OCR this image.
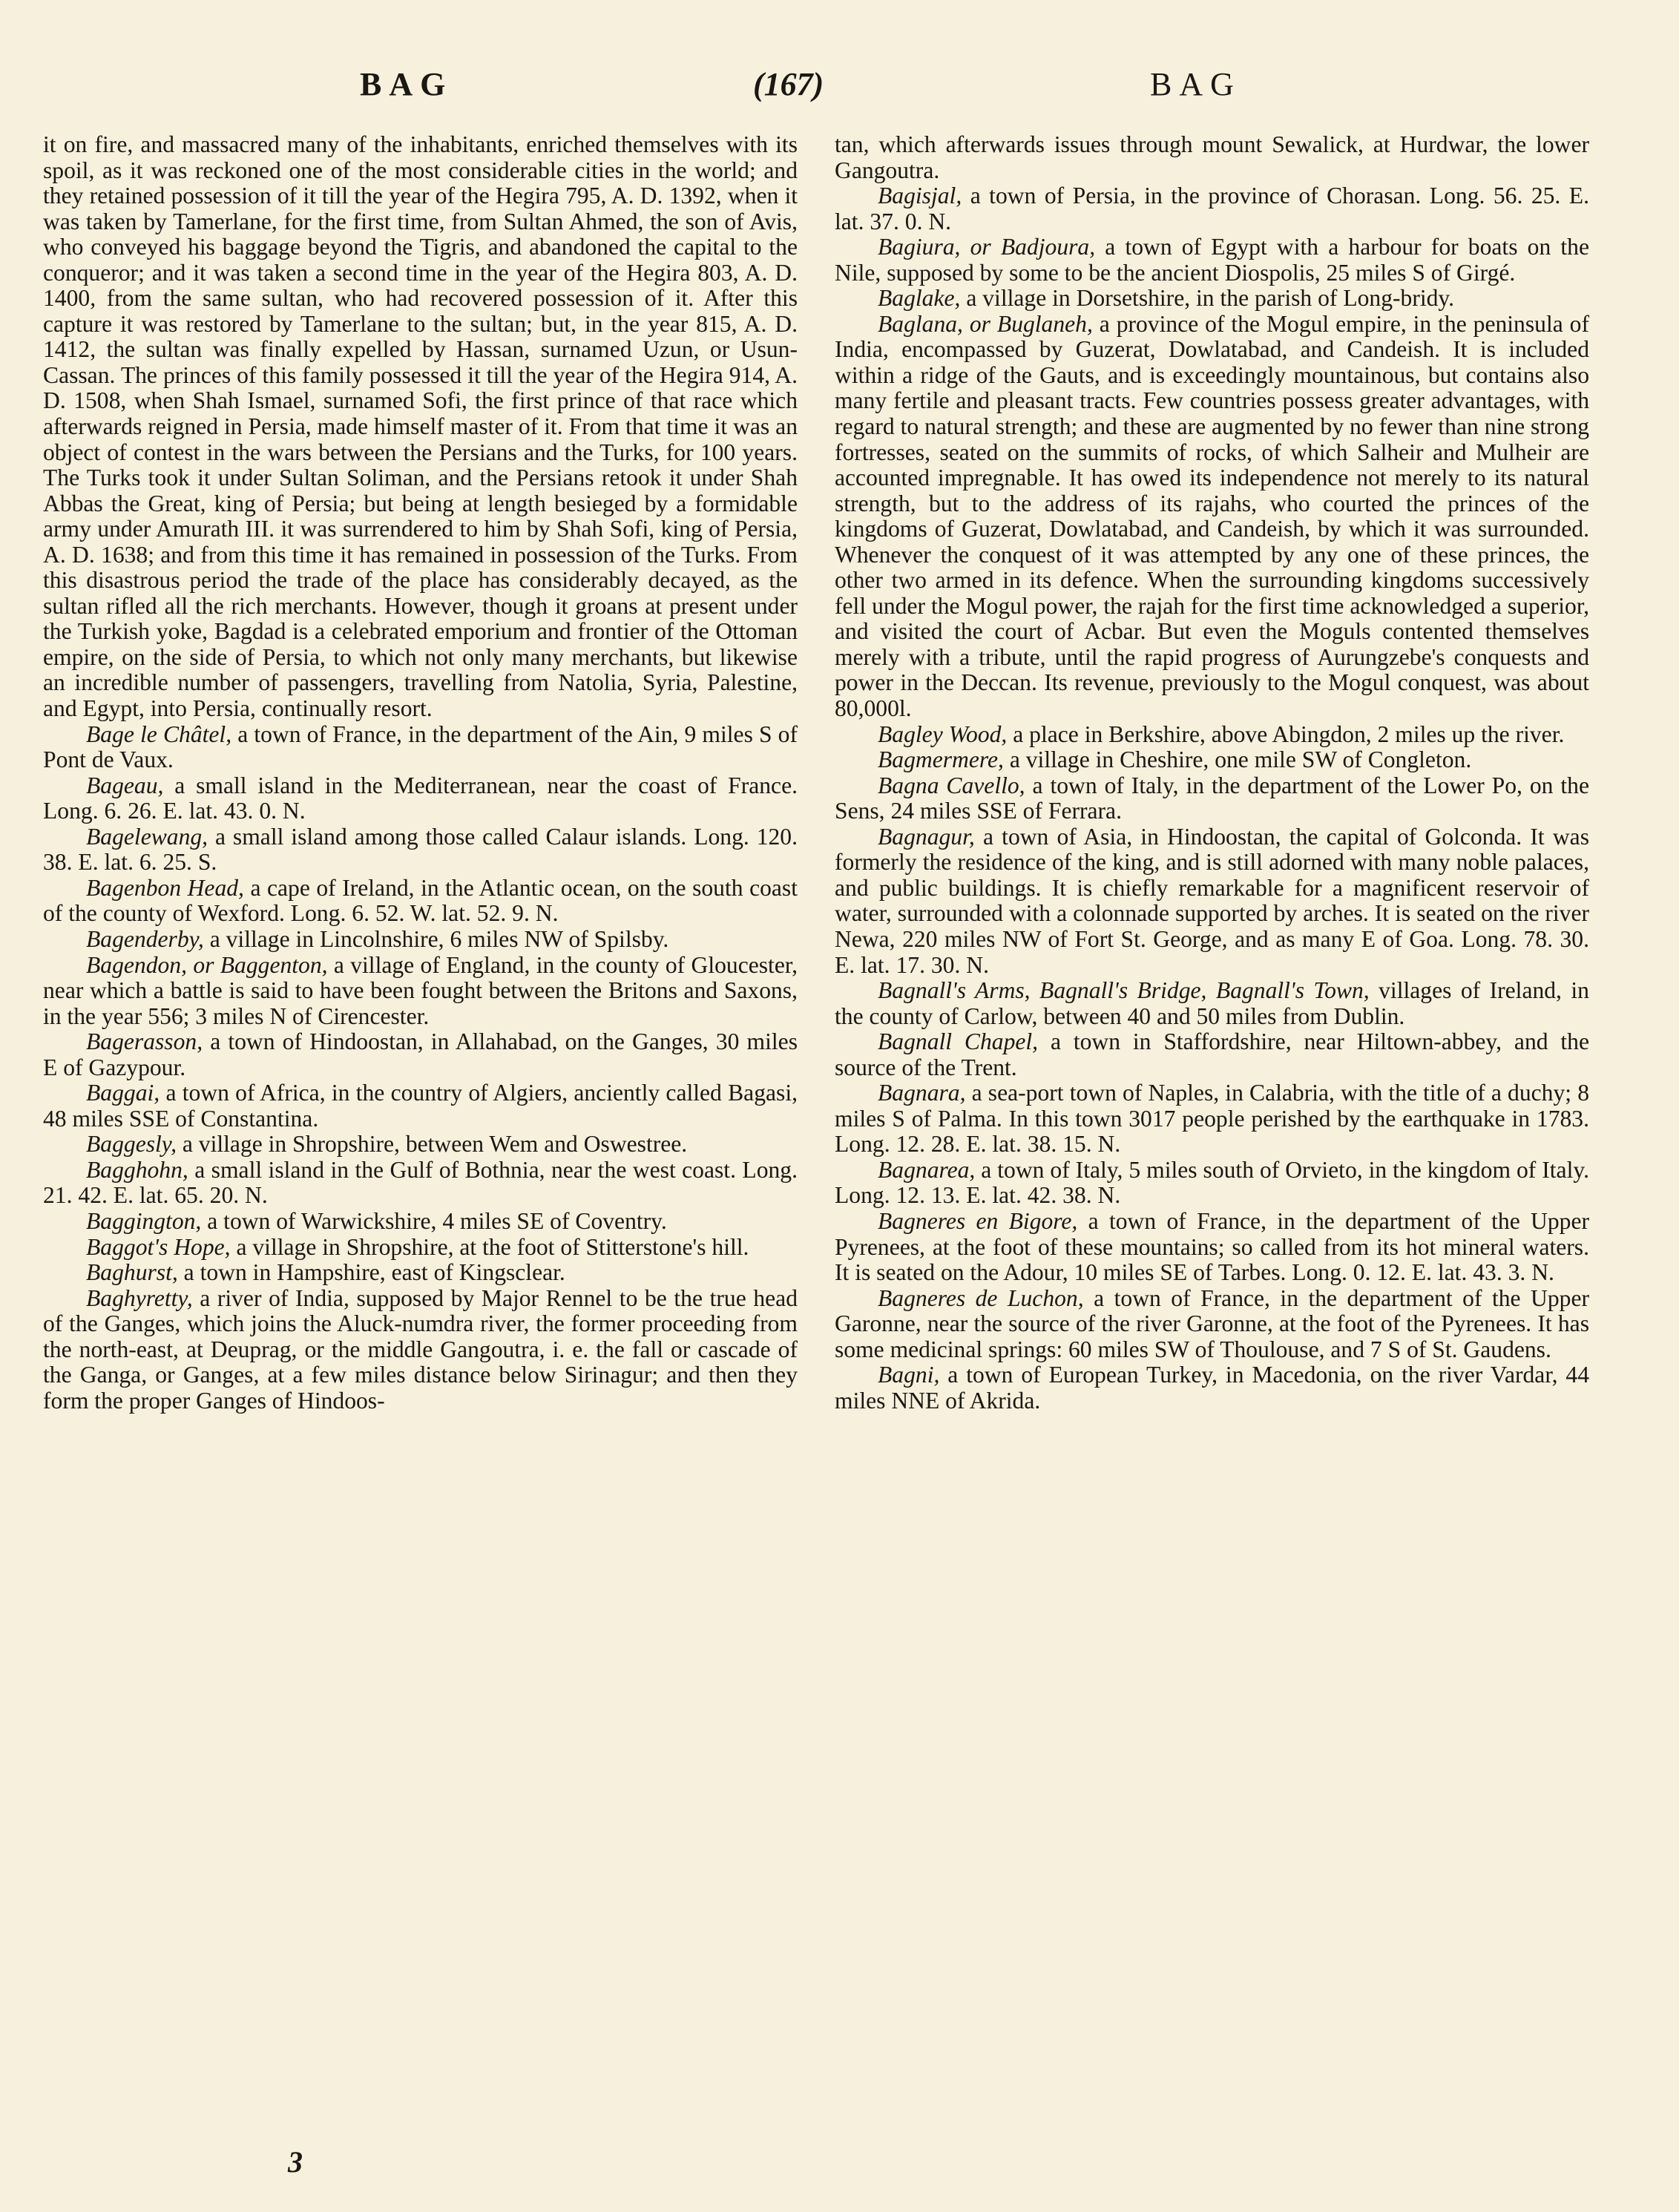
BAG	(167)	BAG

it on fire, and massacred many of the inhabitants, enriched themselves with its spoil, as it was reckoned one of the most considerable cities in the world; and they retained possession of it till the year of the Hegira 795, A. D. 1392, when it was taken by Tamerlane, for the first time, from Sultan Ahmed, the son of Avis, who conveyed his baggage beyond the Tigris, and abandoned the capital to the conqueror; and it was taken a second time in the year of the Hegira 803, A. D. 1400, from the same sultan, who had recovered possession of it. After this capture it was restored by Tamerlane to the sultan; but, in the year 815, A. D. 1412, the sultan was finally expelled by Hassan, surnamed Uzun, or Usun-Cassan. The princes of this family possessed it till the year of the Hegira 914, A. D. 1508, when Shah Ismael, surnamed Sofi, the first prince of that race which afterwards reigned in Persia, made himself master of it. From that time it was an object of contest in the wars between the Persians and the Turks, for 100 years. The Turks took it under Sultan Soliman, and the Persians retook it under Shah Abbas the Great, king of Persia; but being at length besieged by a formidable army under Amurath III. it was surrendered to him by Shah Sofi, king of Persia, A. D. 1638; and from this time it has remained in possession of the Turks. From this disastrous period the trade of the place has considerably decayed, as the sultan rifled all the rich merchants. However, though it groans at present under the Turkish yoke, Bagdad is a celebrated emporium and frontier of the Ottoman empire, on the side of Persia, to which not only many merchants, but likewise an incredible number of passengers, travelling from Natolia, Syria, Palestine, and Egypt, into Persia, continually resort.

Bage le Châtel, a town of France, in the department of the Ain, 9 miles S of Pont de Vaux.

Bageau, a small island in the Mediterranean, near the coast of France. Long. 6. 26. E. lat. 43. 0. N.

Bagelewang, a small island among those called Calaur islands. Long. 120. 38. E. lat. 6. 25. S.

Bagenbon Head, a cape of Ireland, in the Atlantic ocean, on the south coast of the county of Wexford. Long. 6. 52. W. lat. 52. 9. N.

Bagenderby, a village in Lincolnshire, 6 miles NW of Spilsby.

Bagendon, or Baggenton, a village of England, in the county of Gloucester, near which a battle is said to have been fought between the Britons and Saxons, in the year 556; 3 miles N of Cirencester.

Bagerasson, a town of Hindoostan, in Allahabad, on the Ganges, 30 miles E of Gazypour.

Baggai, a town of Africa, in the country of Algiers, anciently called Bagasi, 48 miles SSE of Constantina.

Baggesly, a village in Shropshire, between Wem and Oswestree.

Bagghohn, a small island in the Gulf of Bothnia, near the west coast. Long. 21. 42. E. lat. 65. 20. N.

Baggington, a town of Warwickshire, 4 miles SE of Coventry.

Baggot's Hope, a village in Shropshire, at the foot of Stitterstone's hill.

Baghurst, a town in Hampshire, east of Kingsclear.

Baghyretty, a river of India, supposed by Major Rennel to be the true head of the Ganges, which joins the Aluck-numdra river, the former proceeding from the north-east, at Deuprag, or the middle Gangoutra, i. e. the fall or cascade of the Ganga, or Ganges, at a few miles distance below Sirinagur; and then they form the proper Ganges of Hindoos-

tan, which afterwards issues through mount Sewalick, at Hurdwar, the lower Gangoutra.

Bagisjal, a town of Persia, in the province of Chorasan. Long. 56. 25. E. lat. 37. 0. N.

Bagiura, or Badjoura, a town of Egypt with a harbour for boats on the Nile, supposed by some to be the ancient Diospolis, 25 miles S of Girgé.

Baglake, a village in Dorsetshire, in the parish of Long-bridy.

Baglana, or Buglaneh, a province of the Mogul empire, in the peninsula of India, encompassed by Guzerat, Dowlatabad, and Candeish. It is included within a ridge of the Gauts, and is exceedingly mountainous, but contains also many fertile and pleasant tracts. Few countries possess greater advantages, with regard to natural strength; and these are augmented by no fewer than nine strong fortresses, seated on the summits of rocks, of which Salheir and Mulheir are accounted impregnable. It has owed its independence not merely to its natural strength, but to the address of its rajahs, who courted the princes of the kingdoms of Guzerat, Dowlatabad, and Candeish, by which it was surrounded. Whenever the conquest of it was attempted by any one of these princes, the other two armed in its defence. When the surrounding kingdoms successively fell under the Mogul power, the rajah for the first time acknowledged a superior, and visited the court of Acbar. But even the Moguls contented themselves merely with a tribute, until the rapid progress of Aurungzebe's conquests and power in the Deccan. Its revenue, previously to the Mogul conquest, was about 80,000l.

Bagley Wood, a place in Berkshire, above Abingdon, 2 miles up the river.

Bagmermere, a village in Cheshire, one mile SW of Congleton.

Bagna Cavello, a town of Italy, in the department of the Lower Po, on the Sens, 24 miles SSE of Ferrara.

Bagnagur, a town of Asia, in Hindoostan, the capital of Golconda. It was formerly the residence of the king, and is still adorned with many noble palaces, and public buildings. It is chiefly remarkable for a magnificent reservoir of water, surrounded with a colonnade supported by arches. It is seated on the river Newa, 220 miles NW of Fort St. George, and as many E of Goa. Long. 78. 30. E. lat. 17. 30. N.

Bagnall's Arms, Bagnall's Bridge, Bagnall's Town, villages of Ireland, in the county of Carlow, between 40 and 50 miles from Dublin.

Bagnall Chapel, a town in Staffordshire, near Hiltown-abbey, and the source of the Trent.

Bagnara, a sea-port town of Naples, in Calabria, with the title of a duchy; 8 miles S of Palma. In this town 3017 people perished by the earthquake in 1783. Long. 12. 28. E. lat. 38. 15. N.

Bagnarea, a town of Italy, 5 miles south of Orvieto, in the kingdom of Italy. Long. 12. 13. E. lat. 42. 38. N.

Bagneres en Bigore, a town of France, in the department of the Upper Pyrenees, at the foot of these mountains; so called from its hot mineral waters. It is seated on the Adour, 10 miles SE of Tarbes. Long. 0. 12. E. lat. 43. 3. N.

Bagneres de Luchon, a town of France, in the department of the Upper Garonne, near the source of the river Garonne, at the foot of the Pyrenees. It has some medicinal springs: 60 miles SW of Thoulouse, and 7 S of St. Gaudens.

Bagni, a town of European Turkey, in Macedonia, on the river Vardar, 44 miles NNE of Akrida.

3
